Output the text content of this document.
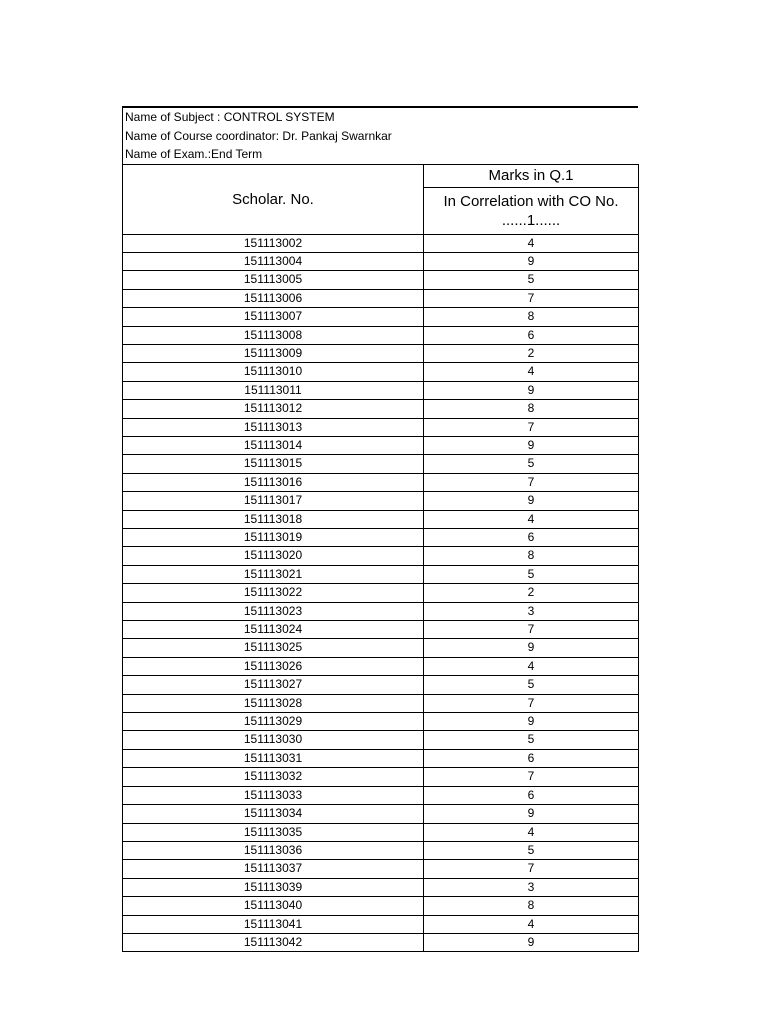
Name of Subject : CONTROL SYSTEM
Name of Course coordinator: Dr. Pankaj Swarnkar
Name of Exam.:End Term
Scholar. No.	Marks in Q.1

	In Correlation with CO No.
......1......

151113002	4
151113004	9
151113005	5
151113006	7
151113007	8
151113008	6
151113009	2
151113010	4
151113011	9
151113012	8
151113013	7
151113014	9
151113015	5
151113016	7
151113017	9
151113018	4
151113019	6
151113020	8
151113021	5
151113022	2
151113023	3
151113024	7
151113025	9
151113026	4
151113027	5
151113028	7
151113029	9
151113030	5
151113031	6
151113032	7
151113033	6
151113034	9
151113035	4
151113036	5
151113037	7
151113039	3
151113040	8
151113041	4
151113042	9
